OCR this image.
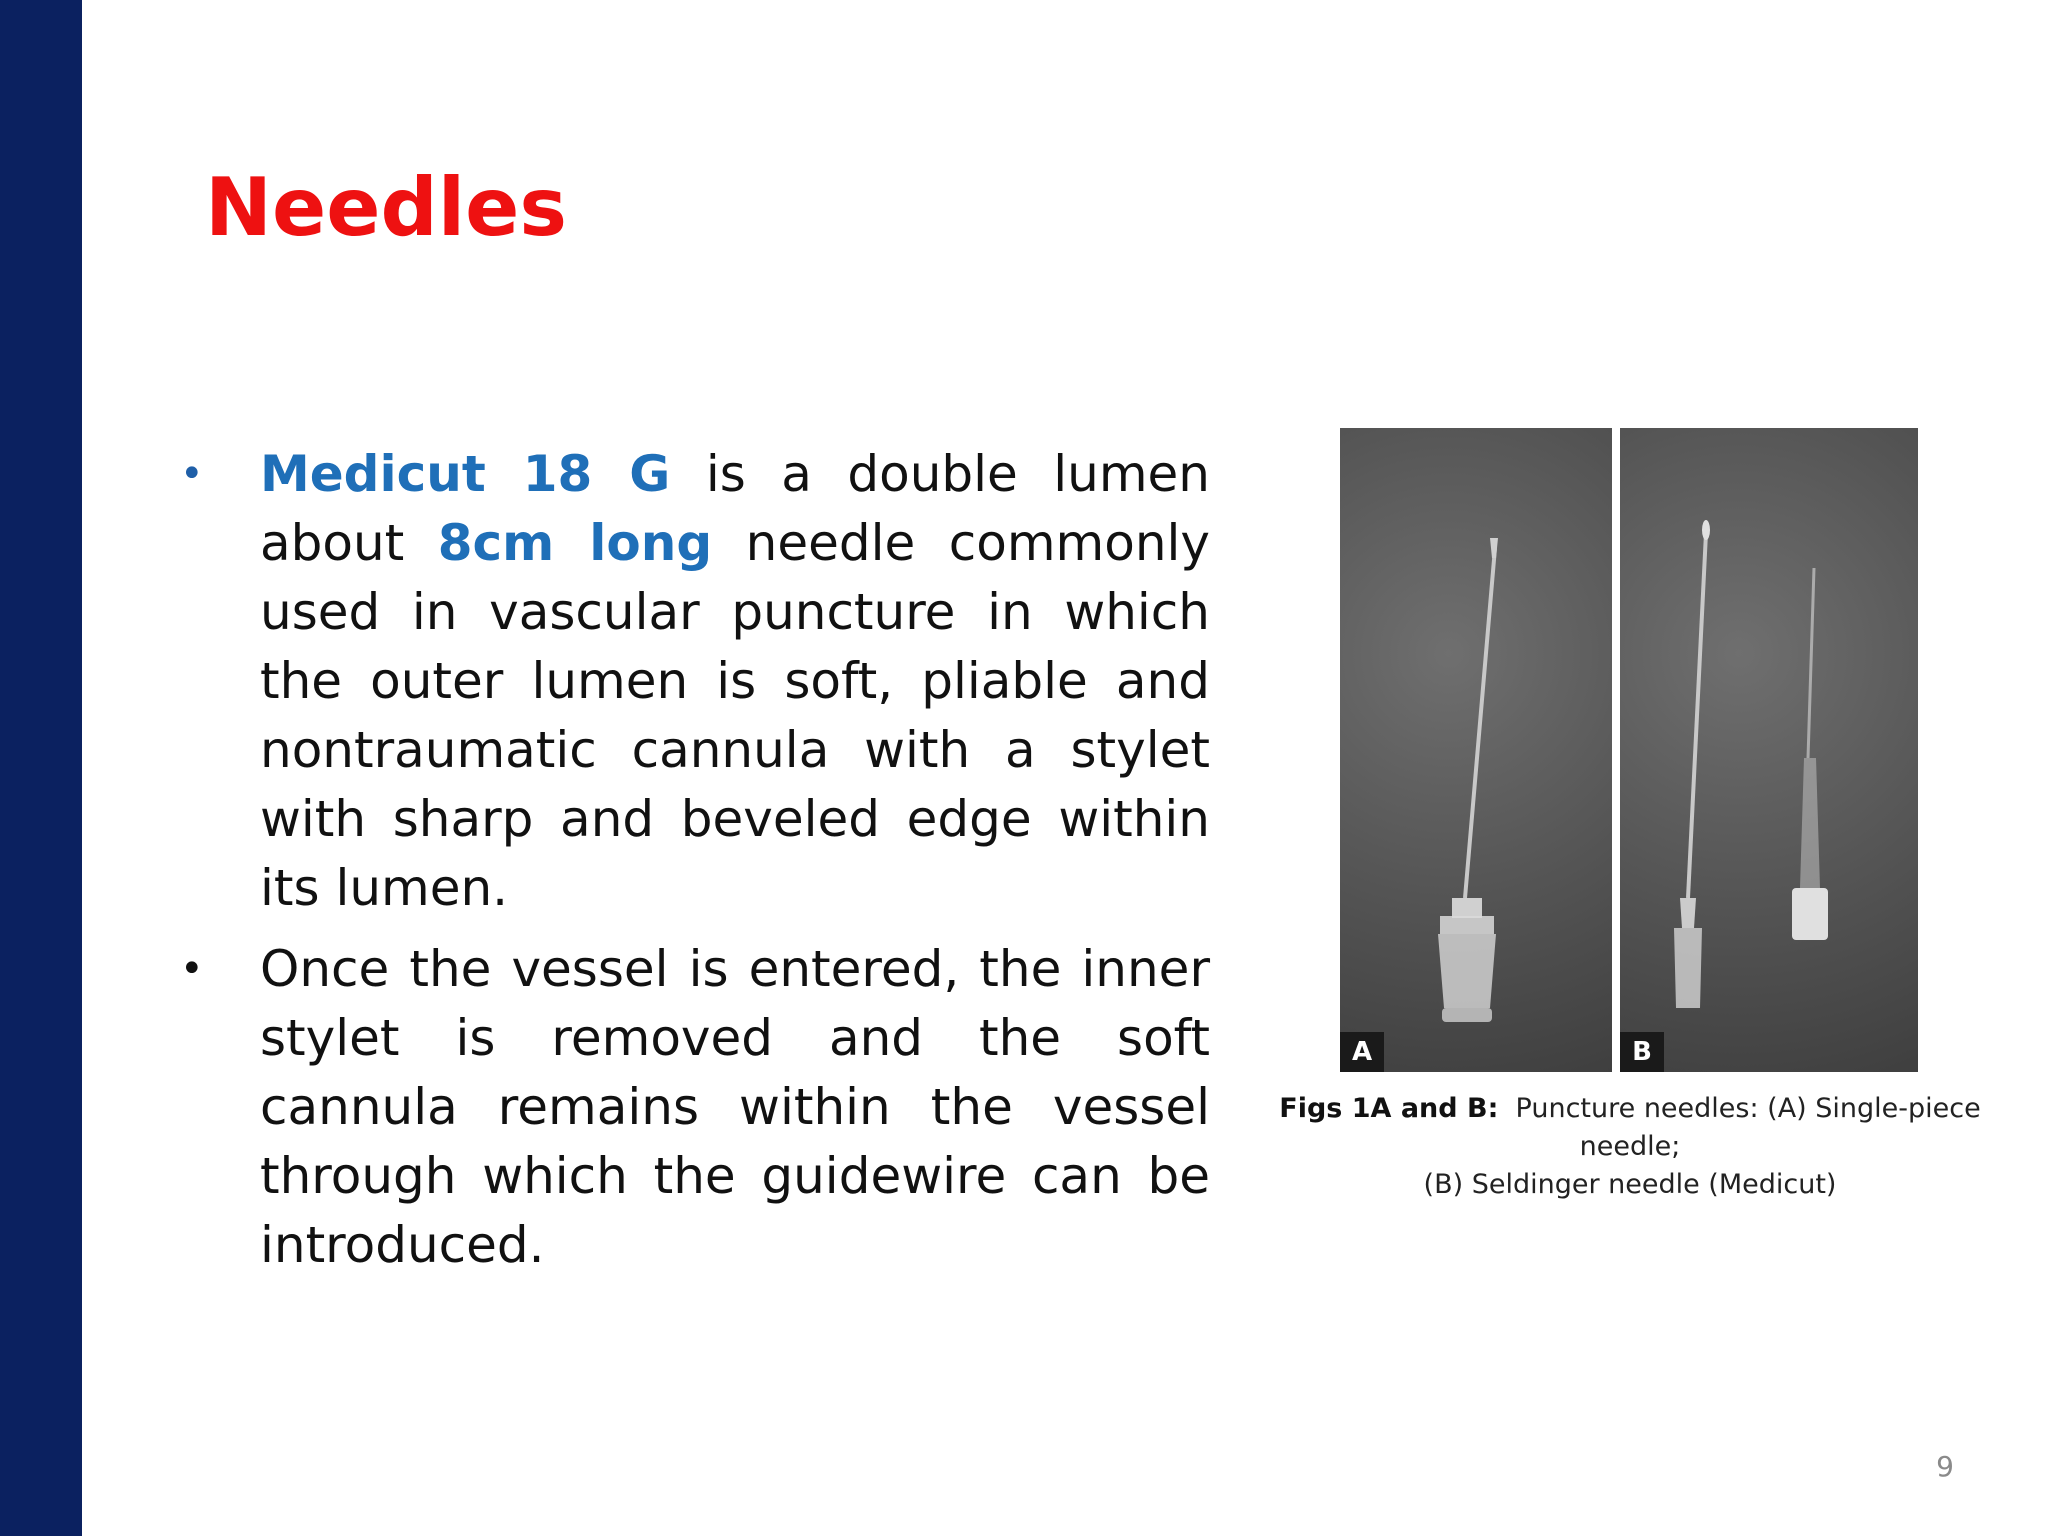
Needles
• Medicut 18 G is a double lumen about 8cm long needle commonly used in vascular puncture in which the outer lumen is soft, pliable and nontraumatic cannula with a stylet with sharp and beveled edge within its lumen.
• Once the vessel is entered, the inner stylet is removed and the soft cannula remains within the vessel through which the guidewire can be introduced.
A	B
Figs 1A and B: Puncture needles: (A) Single-piece needle;
(B) Seldinger needle (Medicut)
9
